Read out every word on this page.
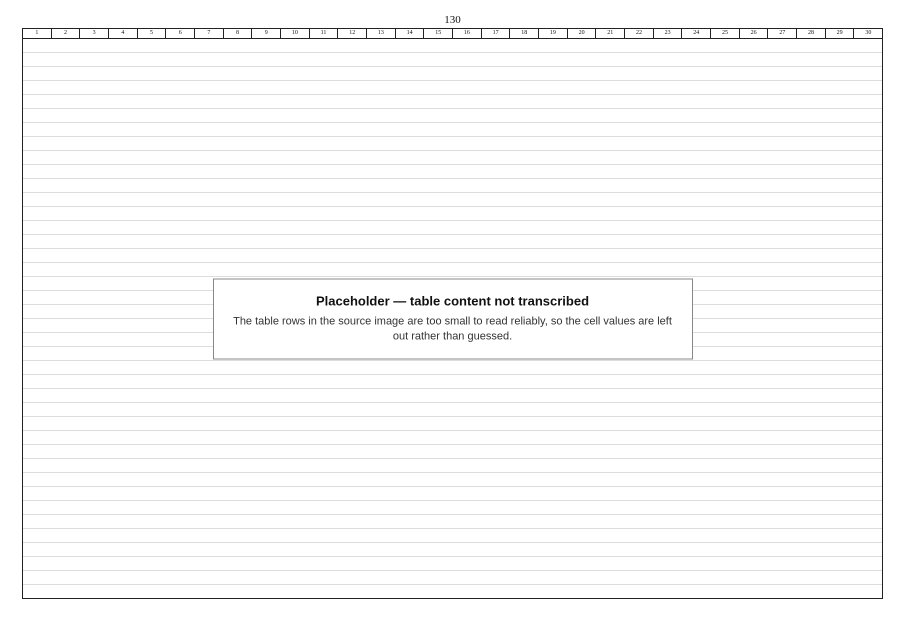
130
1	2	3	4	5	6	7	8	9	10	11	12	13	14	15	16	17	18	19	20	21	22	23	24	25	26	27	28	29	30
Placeholder — table content not transcribed
The table rows in the source image are too small to read reliably, so the cell values are left out rather than guessed.
